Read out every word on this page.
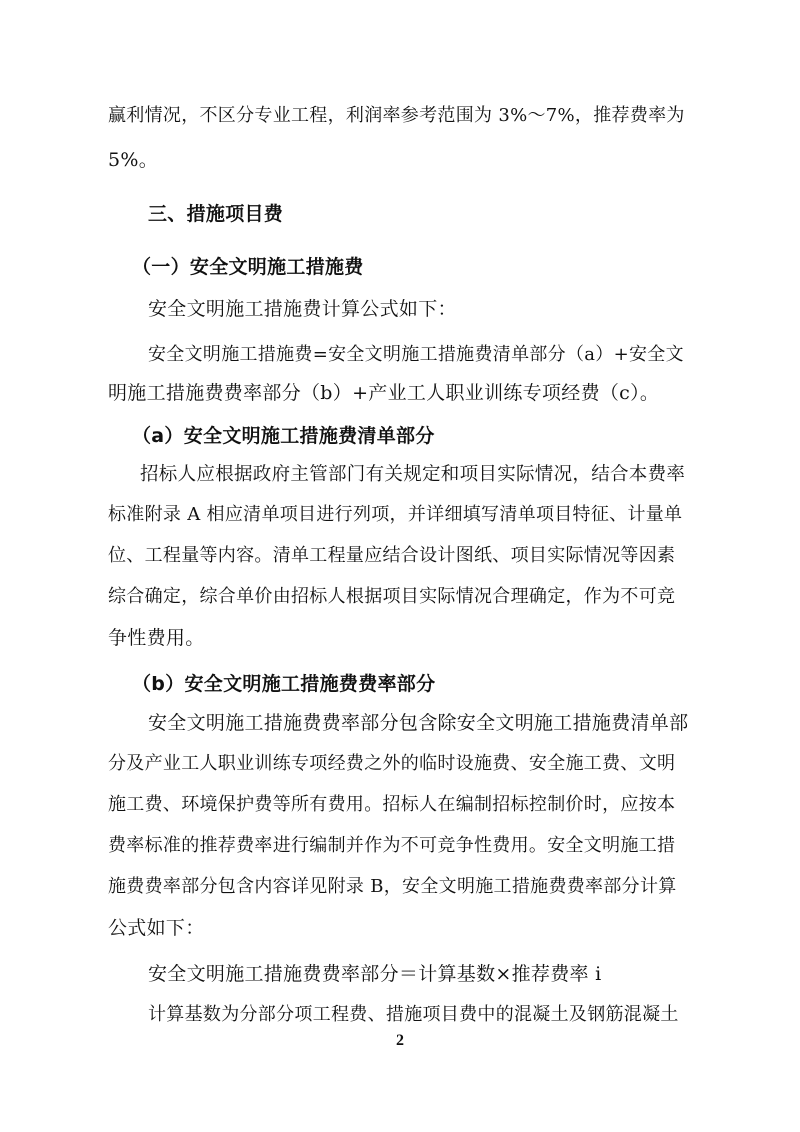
赢利情况，不区分专业工程，利润率参考范围为 3%～7%，推荐费率为
5%。
三、措施项目费
（一）安全文明施工措施费
安全文明施工措施费计算公式如下：
安全文明施工措施费=安全文明施工措施费清单部分（a）+安全文
明施工措施费费率部分（b）+产业工人职业训练专项经费（c）。
（a）安全文明施工措施费清单部分
招标人应根据政府主管部门有关规定和项目实际情况，结合本费率
标准附录 A 相应清单项目进行列项，并详细填写清单项目特征、计量单
位、工程量等内容。清单工程量应结合设计图纸、项目实际情况等因素
综合确定，综合单价由招标人根据项目实际情况合理确定，作为不可竞
争性费用。
（b）安全文明施工措施费费率部分
安全文明施工措施费费率部分包含除安全文明施工措施费清单部
分及产业工人职业训练专项经费之外的临时设施费、安全施工费、文明
施工费、环境保护费等所有费用。招标人在编制招标控制价时，应按本
费率标准的推荐费率进行编制并作为不可竞争性费用。安全文明施工措
施费费率部分包含内容详见附录 B，安全文明施工措施费费率部分计算
公式如下：
安全文明施工措施费费率部分＝计算基数×推荐费率 i
计算基数为分部分项工程费、措施项目费中的混凝土及钢筋混凝土
2
